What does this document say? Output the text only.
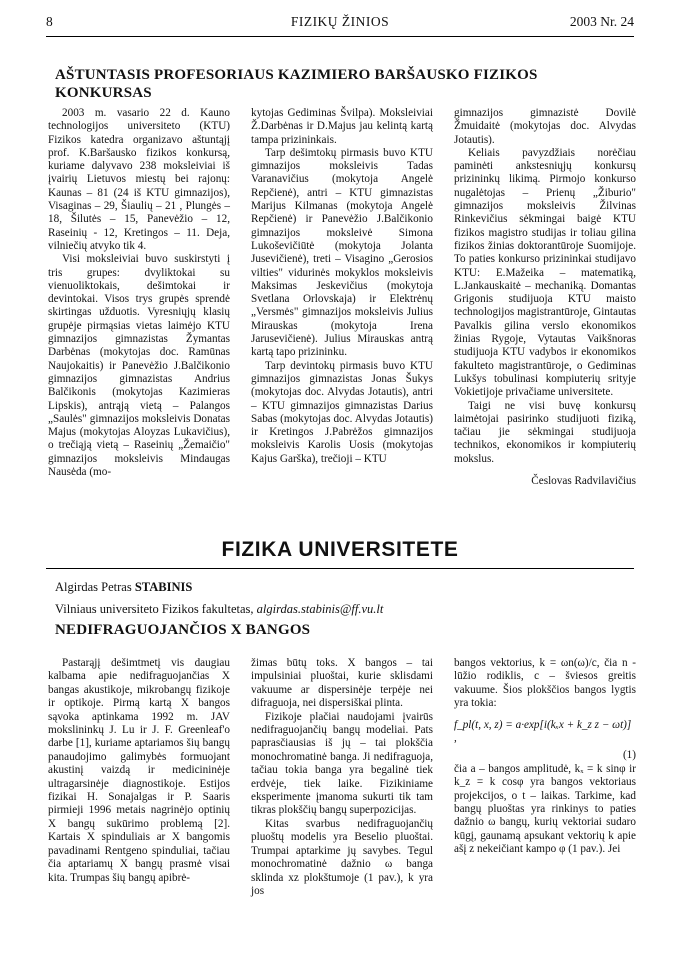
8	FIZIKŲ ŽINIOS	2003 Nr. 24
AŠTUNTASIS PROFESORIAUS KAZIMIERO BARŠAUSKO FIZIKOS KONKURSAS

2003 m. vasario 22 d. Kauno technologijos universiteto (KTU) Fizikos katedra organizavo aštuntąjį prof. K.Baršausko fizikos konkursą, kuriame dalyvavo 238 moksleiviai iš įvairių Lietuvos miestų bei rajonų: Kaunas – 81 (24 iš KTU gimnazijos), Visaginas – 29, Šiaulių – 21 , Plungės – 18, Šilutės – 15, Panevėžio – 12, Raseinių - 12, Kretingos – 11. Deja, vilniečių atvyko tik 4.

Visi moksleiviai buvo suskirstyti į tris grupes: dvyliktokai su vienuoliktokais, dešimtokai ir devintokai. Visos trys grupės sprendė skirtingas užduotis. Vyresniųjų klasių grupėje pirmąsias vietas laimėjo KTU gimnazijos gimnazistas Žymantas Darbėnas (mokytojas doc. Ramūnas Naujokaitis) ir Panevėžio J.Balčikonio gimnazijos gimnazistas Andrius Balčikonis (mokytojas Kazimieras Lipskis), antrąją vietą – Palangos „Saulės" gimnazijos moksleivis Donatas Majus (mokytojas Aloyzas Lukavičius), o trečiąją vietą – Raseinių „Žemaičio" gimnazijos moksleivis Mindaugas Nausėda (mo-

kytojas Gediminas Švilpa). Moksleiviai Ž.Darbėnas ir D.Majus jau kelintą kartą tampa prizininkais.

Tarp dešimtokų pirmasis buvo KTU gimnazijos moksleivis Tadas Varanavičius (mokytoja Angelė Repčienė), antri – KTU gimnazistas Marijus Kilmanas (mokytoja Angelė Repčienė) ir Panevėžio J.Balčikonio gimnazijos moksleivė Simona Lukoševičiūtė (mokytoja Jolanta Jusevičienė), treti – Visagino „Gerosios vilties" vidurinės mokyklos moksleivis Maksimas Jeskevičius (mokytoja Svetlana Orlovskaja) ir Elektrėnų „Versmės" gimnazijos moksleivis Julius Mirauskas (mokytoja Irena Jarusevičienė). Julius Mirauskas antrą kartą tapo prizininku.

Tarp devintokų pirmasis buvo KTU gimnazijos gimnazistas Jonas Šukys (mokytojas doc. Alvydas Jotautis), antri – KTU gimnazijos gimnazistas Darius Sabas (mokytojas doc. Alvydas Jotautis) ir Kretingos J.Pabrėžos gimnazijos moksleivis Karolis Uosis (mokytojas Kajus Garška), trečioji – KTU

gimnazijos gimnazistė Dovilė Žmuidaitė (mokytojas doc. Alvydas Jotautis).

Keliais pavyzdžiais norėčiau paminėti ankstesniųjų konkursų prizininkų likimą. Pirmojo konkurso nugalėtojas – Prienų „Žiburio" gimnazijos moksleivis Žilvinas Rinkevičius sėkmingai baigė KTU fizikos magistro studijas ir toliau gilina fizikos žinias doktorantūroje Suomijoje. To paties konkurso prizininkai studijavo KTU: E.Mažeika – matematiką, L.Jankauskaitė – mechaniką. Domantas Grigonis studijuoja KTU maisto technologijos magistrantūroje, Gintautas Pavalkis gilina verslo ekonomikos žinias Rygoje, Vytautas Vaikšnoras studijuoja KTU vadybos ir ekonomikos fakulteto magistrantūroje, o Gediminas Lukšys tobulinasi kompiuterių srityje Vokietijoje privačiame universitete.

Taigi ne visi buvę konkursų laimėtojai pasirinko studijuoti fiziką, tačiau jie sėkmingai studijuoja technikos, ekonomikos ir kompiuterių mokslus.

Česlovas Radvilavičius
FIZIKA UNIVERSITETE
Algirdas Petras STABINIS
Vilniaus universiteto Fizikos fakultetas, algirdas.stabinis@ff.vu.lt
NEDIFRAGUOJANČIOS X BANGOS

Pastarąjį dešimtmetį vis daugiau kalbama apie nedifraguojančias X bangas akustikoje, mikrobangų fizikoje ir optikoje. Pirmą kartą X bangos sąvoka aptinkama 1992 m. JAV mokslininkų J. Lu ir J. F. Greenleaf'o darbe [1], kuriame aptariamos šių bangų panaudojimo galimybės formuojant akustinį vaizdą ir medicininėje ultragarsinėje diagnostikoje. Estijos fizikai H. Sonajalgas ir P. Saaris pirmieji 1996 metais nagrinėjo optinių X bangų sukūrimo problemą [2]. Kartais X spinduliais ar X bangomis pavadinami Rentgeno spinduliai, tačiau čia aptariamų X bangų prasmė visai kita. Trumpas šių bangų apibrė-

žimas būtų toks. X bangos – tai impulsiniai pluoštai, kurie sklisdami vakuume ar dispersinėje terpėje nei difraguoja, nei dispersiškai plinta.

Fizikoje plačiai naudojami įvairūs nedifraguojančių bangų modeliai. Pats paprasčiausias iš jų – tai plokščia monochromatinė banga. Ji nedifraguoja, tačiau tokia banga yra begalinė tiek erdvėje, tiek laike. Fizikiniame eksperimente įmanoma sukurti tik tam tikras plokščių bangų superpozicijas.

Kitas svarbus nedifraguojančių pluoštų modelis yra Beselio pluoštai. Trumpai aptarkime jų savybes. Tegul monochromatinė dažnio ω banga sklinda xz plokštumoje (1 pav.), k yra jos

bangos vektorius, k = ωn(ω)/c, čia n - lūžio rodiklis, c – šviesos greitis vakuume. Šios plokščios bangos lygtis yra tokia:

f_pl(t, x, z) = a·exp[i(kₓx + k_z z − ωt)] ,
(1)

čia a – bangos amplitudė, kₓ = k sinφ ir k_z = k cosφ yra bangos vektoriaus projekcijos, o t – laikas. Tarkime, kad bangų pluoštas yra rinkinys to paties dažnio ω bangų, kurių vektoriai sudaro kūgį, gaunamą apsukant vektorių k apie ašį z nekeičiant kampo φ (1 pav.). Jei
